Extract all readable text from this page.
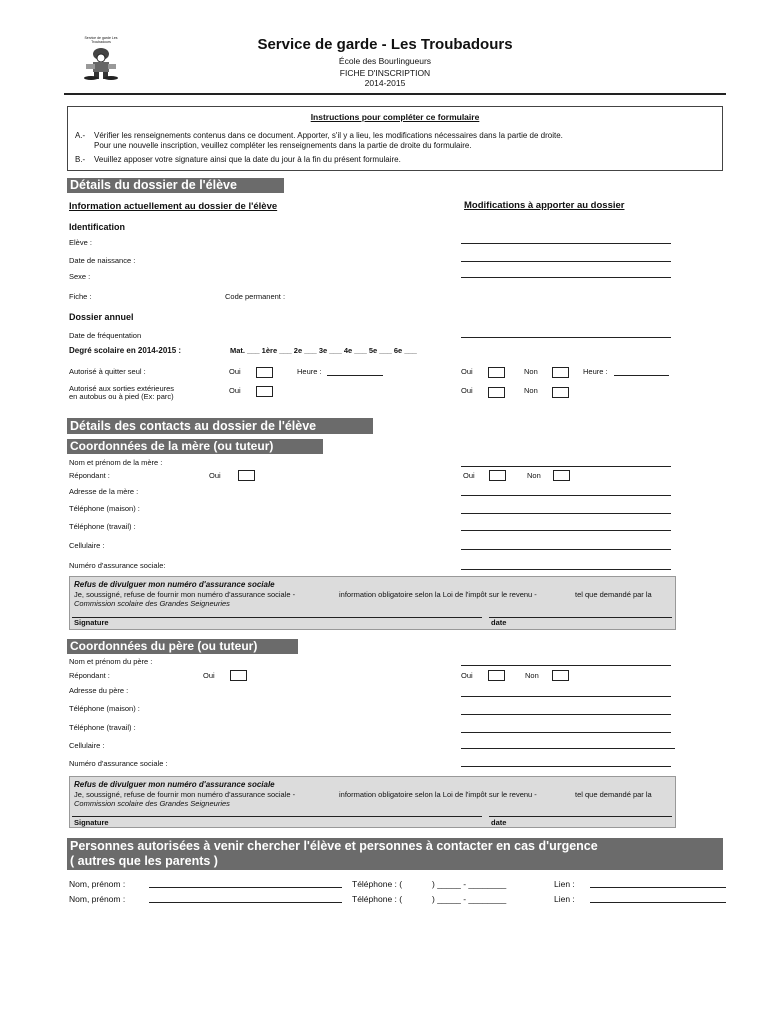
Service de garde Les Troubadours	Service de garde - Les Troubadours
École des Bourlingueurs
FICHE D'INSCRIPTION
2014-2015
Instructions pour compléter ce formulaire
A.- Vérifier les renseignements contenus dans ce document. Apporter, s'il y a lieu, les modifications nécessaires dans la partie de droite.
Pour une nouvelle inscription, veuillez compléter les renseignements dans la partie de droite du formulaire.
B.- Veuillez apposer votre signature ainsi que la date du jour à la fin du présent formulaire.
Détails du dossier de l'élève
Information actuellement au dossier de l'élève	Modifications à apporter au dossier
Identification
Elève :
Date de naissance :
Sexe :
Fiche :	Code permanent :
Dossier annuel
Date de fréquentation
Degré scolaire en 2014-2015 :	Mat. ___ 1ère ___ 2e ___ 3e ___ 4e ___ 5e ___ 6e ___
Autorisé à quitter seul :	Oui	Heure :	Oui	Non	Heure :
Autorisé aux sorties extérieures
en autobus ou à pied (Ex: parc)
Oui	Oui	Non
Détails des contacts au dossier de l'élève
Coordonnées de la mère (ou tuteur)
Nom et prénom de la mère :
Répondant :	Oui	Oui	Non
Adresse de la mère :
Téléphone (maison) :
Téléphone (travail) :
Cellulaire :
Numéro d'assurance sociale:
Refus de divulguer mon numéro d'assurance sociale
Je, soussigné, refuse de fournir mon numéro d'assurance sociale -	information obligatoire selon la Loi de l'impôt sur le revenu -	tel que demandé par la
Commission scolaire des Grandes Seigneuries
Signature	date
Coordonnées du père (ou tuteur)
Nom et prénom du père :
Répondant :	Oui	Oui	Non
Adresse du père :
Téléphone (maison) :
Téléphone (travail) :
Cellulaire :
Numéro d'assurance sociale :
Refus de divulguer mon numéro d'assurance sociale
Je, soussigné, refuse de fournir mon numéro d'assurance sociale -	information obligatoire selon la Loi de l'impôt sur le revenu -	tel que demandé par la
Commission scolaire des Grandes Seigneuries
Signature	date
Personnes autorisées à venir chercher l'élève et personnes à contacter en cas d'urgence
( autres que les parents )
Nom, prénom :	Téléphone : (	) _____ - ________	Lien :
Nom, prénom :	Téléphone : (	) _____ - ________	Lien :
